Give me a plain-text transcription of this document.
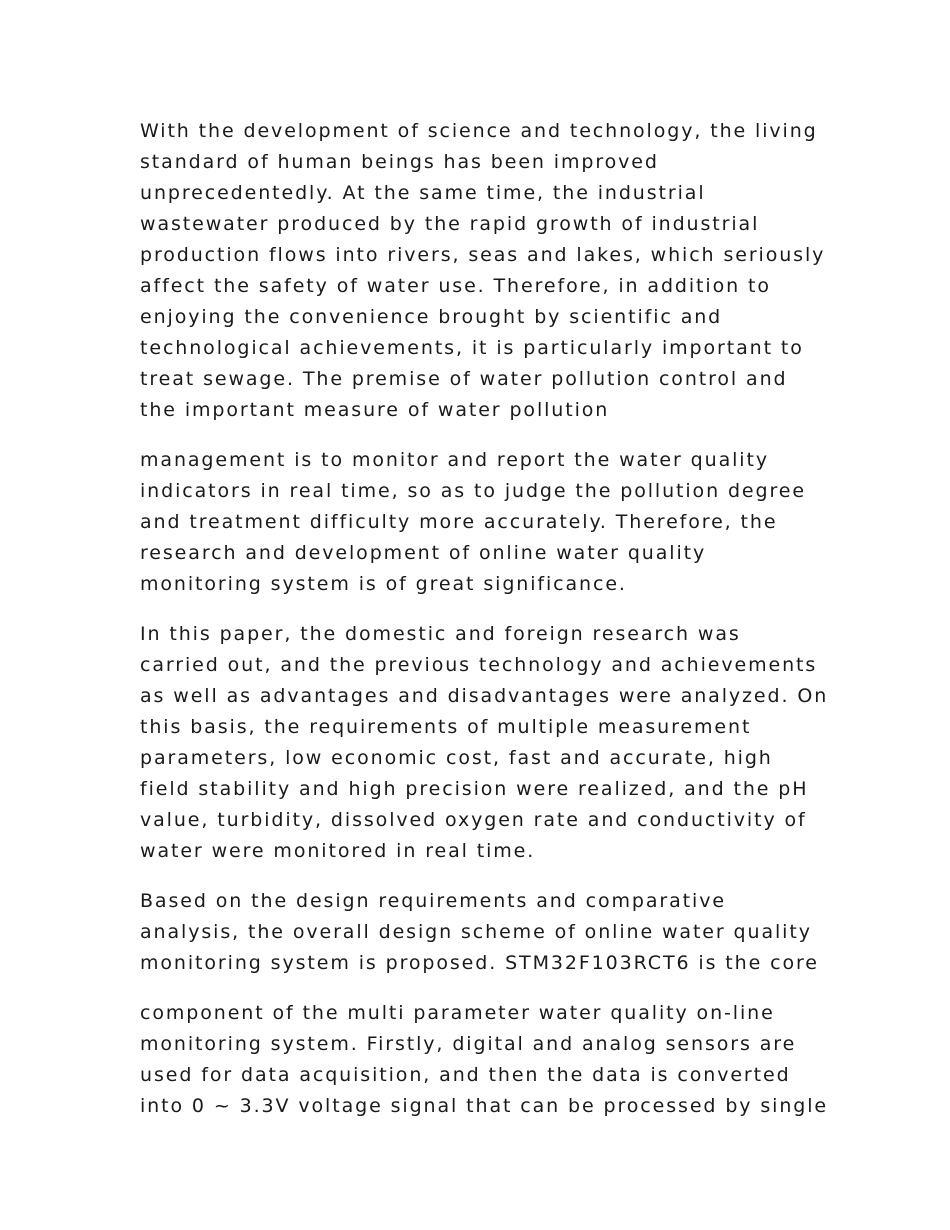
With the development of science and technology, the living
standard of human beings has been improved
unprecedentedly. At the same time, the industrial
wastewater produced by the rapid growth of industrial
production flows into rivers, seas and lakes, which seriously
affect the safety of water use. Therefore, in addition to
enjoying the convenience brought by scientific and
technological achievements, it is particularly important to
treat sewage. The premise of water pollution control and
the important measure of water pollution

management is to monitor and report the water quality
indicators in real time, so as to judge the pollution degree
and treatment difficulty more accurately. Therefore, the
research and development of online water quality
monitoring system is of great significance.

In this paper, the domestic and foreign research was
carried out, and the previous technology and achievements
as well as advantages and disadvantages were analyzed. On
this basis, the requirements of multiple measurement
parameters, low economic cost, fast and accurate, high
field stability and high precision were realized, and the pH
value, turbidity, dissolved oxygen rate and conductivity of
water were monitored in real time.

Based on the design requirements and comparative
analysis, the overall design scheme of online water quality
monitoring system is proposed. STM32F103RCT6 is the core

component of the multi parameter water quality on-line
monitoring system. Firstly, digital and analog sensors are
used for data acquisition, and then the data is converted
into 0 ~ 3.3V voltage signal that can be processed by single
